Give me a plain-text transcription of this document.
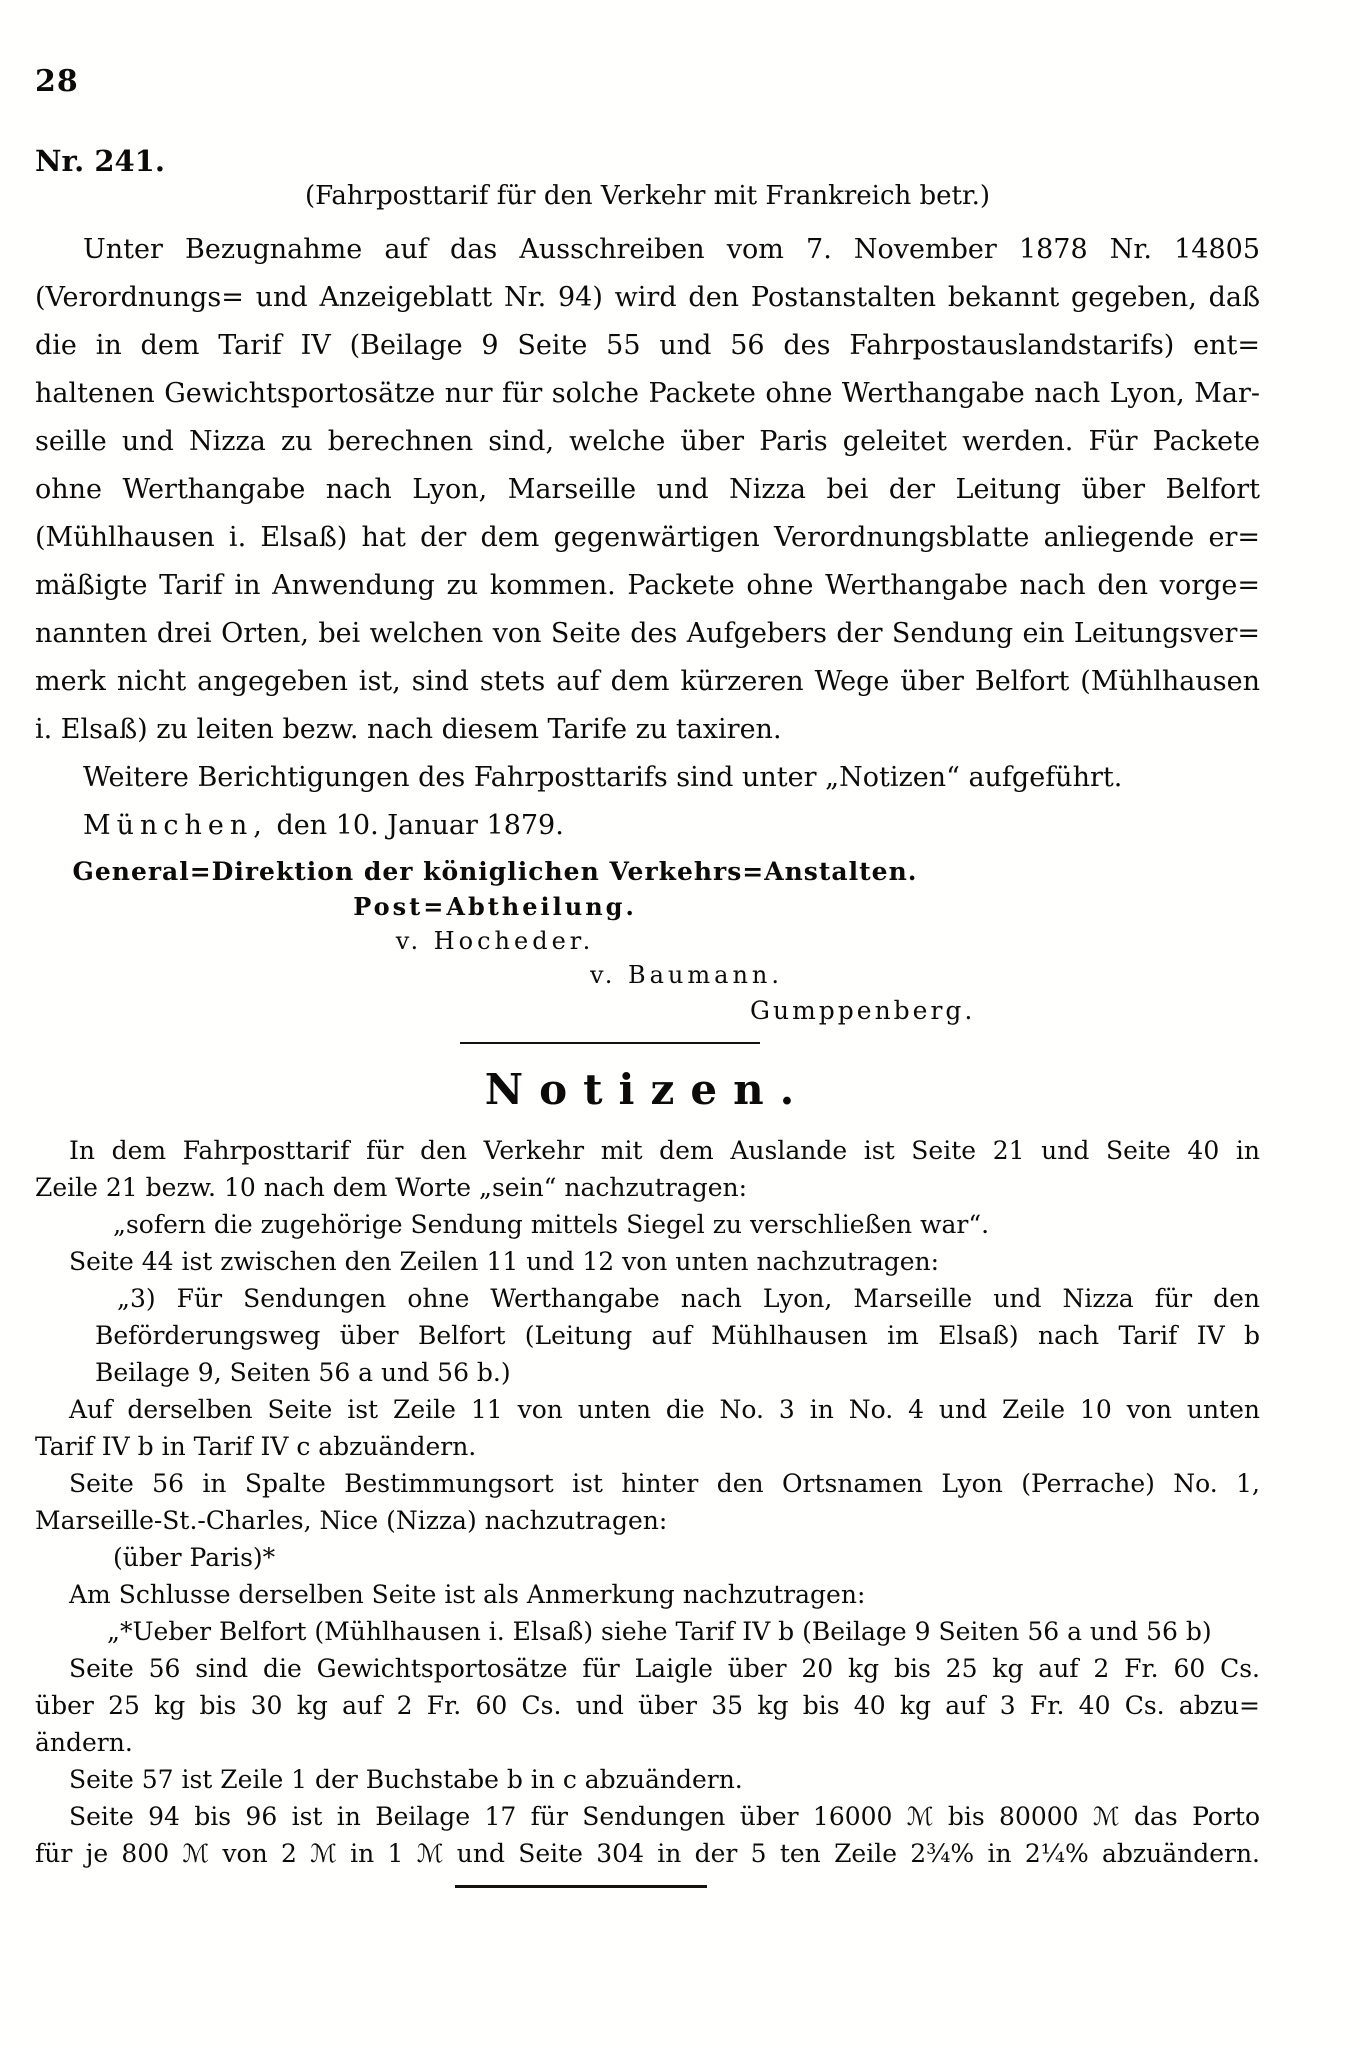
28
Nr. 241.
(Fahrposttarif für den Verkehr mit Frankreich betr.)
Unter Bezugnahme auf das Ausschreiben vom 7. November 1878 Nr. 14805
(Verordnungs= und Anzeigeblatt Nr. 94) wird den Postanstalten bekannt gegeben, daß
die in dem Tarif IV (Beilage 9 Seite 55 und 56 des Fahrpostauslandstarifs) ent=
haltenen Gewichtsportosätze nur für solche Packete ohne Werthangabe nach Lyon, Mar-
seille und Nizza zu berechnen sind, welche über Paris geleitet werden. Für Packete
ohne Werthangabe nach Lyon, Marseille und Nizza bei der Leitung über Belfort
(Mühlhausen i. Elsaß) hat der dem gegenwärtigen Verordnungsblatte anliegende er=
mäßigte Tarif in Anwendung zu kommen. Packete ohne Werthangabe nach den vorge=
nannten drei Orten, bei welchen von Seite des Aufgebers der Sendung ein Leitungsver=
merk nicht angegeben ist, sind stets auf dem kürzeren Wege über Belfort (Mühlhausen
i. Elsaß) zu leiten bezw. nach diesem Tarife zu taxiren.
Weitere Berichtigungen des Fahrposttarifs sind unter „Notizen“ aufgeführt.
München, den 10. Januar 1879.
General=Direktion der königlichen Verkehrs=Anstalten.
Post=Abtheilung.
v. Hocheder.
v. Baumann.
Gumppenberg.
Notizen.
In dem Fahrposttarif für den Verkehr mit dem Auslande ist Seite 21 und Seite 40 in
Zeile 21 bezw. 10 nach dem Worte „sein“ nachzutragen:
„sofern die zugehörige Sendung mittels Siegel zu verschließen war“.
Seite 44 ist zwischen den Zeilen 11 und 12 von unten nachzutragen:
„3) Für Sendungen ohne Werthangabe nach Lyon, Marseille und Nizza für den
Beförderungsweg über Belfort (Leitung auf Mühlhausen im Elsaß) nach Tarif IV b
Beilage 9, Seiten 56 a und 56 b.)
Auf derselben Seite ist Zeile 11 von unten die No. 3 in No. 4 und Zeile 10 von unten
Tarif IV b in Tarif IV c abzuändern.
Seite 56 in Spalte Bestimmungsort ist hinter den Ortsnamen Lyon (Perrache) No. 1,
Marseille-St.-Charles, Nice (Nizza) nachzutragen:
(über Paris)*
Am Schlusse derselben Seite ist als Anmerkung nachzutragen:
„*Ueber Belfort (Mühlhausen i. Elsaß) siehe Tarif IV b (Beilage 9 Seiten 56 a und 56 b)
Seite 56 sind die Gewichtsportosätze für Laigle über 20 kg bis 25 kg auf 2 Fr. 60 Cs.
über 25 kg bis 30 kg auf 2 Fr. 60 Cs. und über 35 kg bis 40 kg auf 3 Fr. 40 Cs. abzu=
ändern.
Seite 57 ist Zeile 1 der Buchstabe b in c abzuändern.
Seite 94 bis 96 ist in Beilage 17 für Sendungen über 16000 ℳ bis 80000 ℳ das Porto
für je 800 ℳ von 2 ℳ in 1 ℳ und Seite 304 in der 5 ten Zeile 2¾% in 2¼% abzuändern.
